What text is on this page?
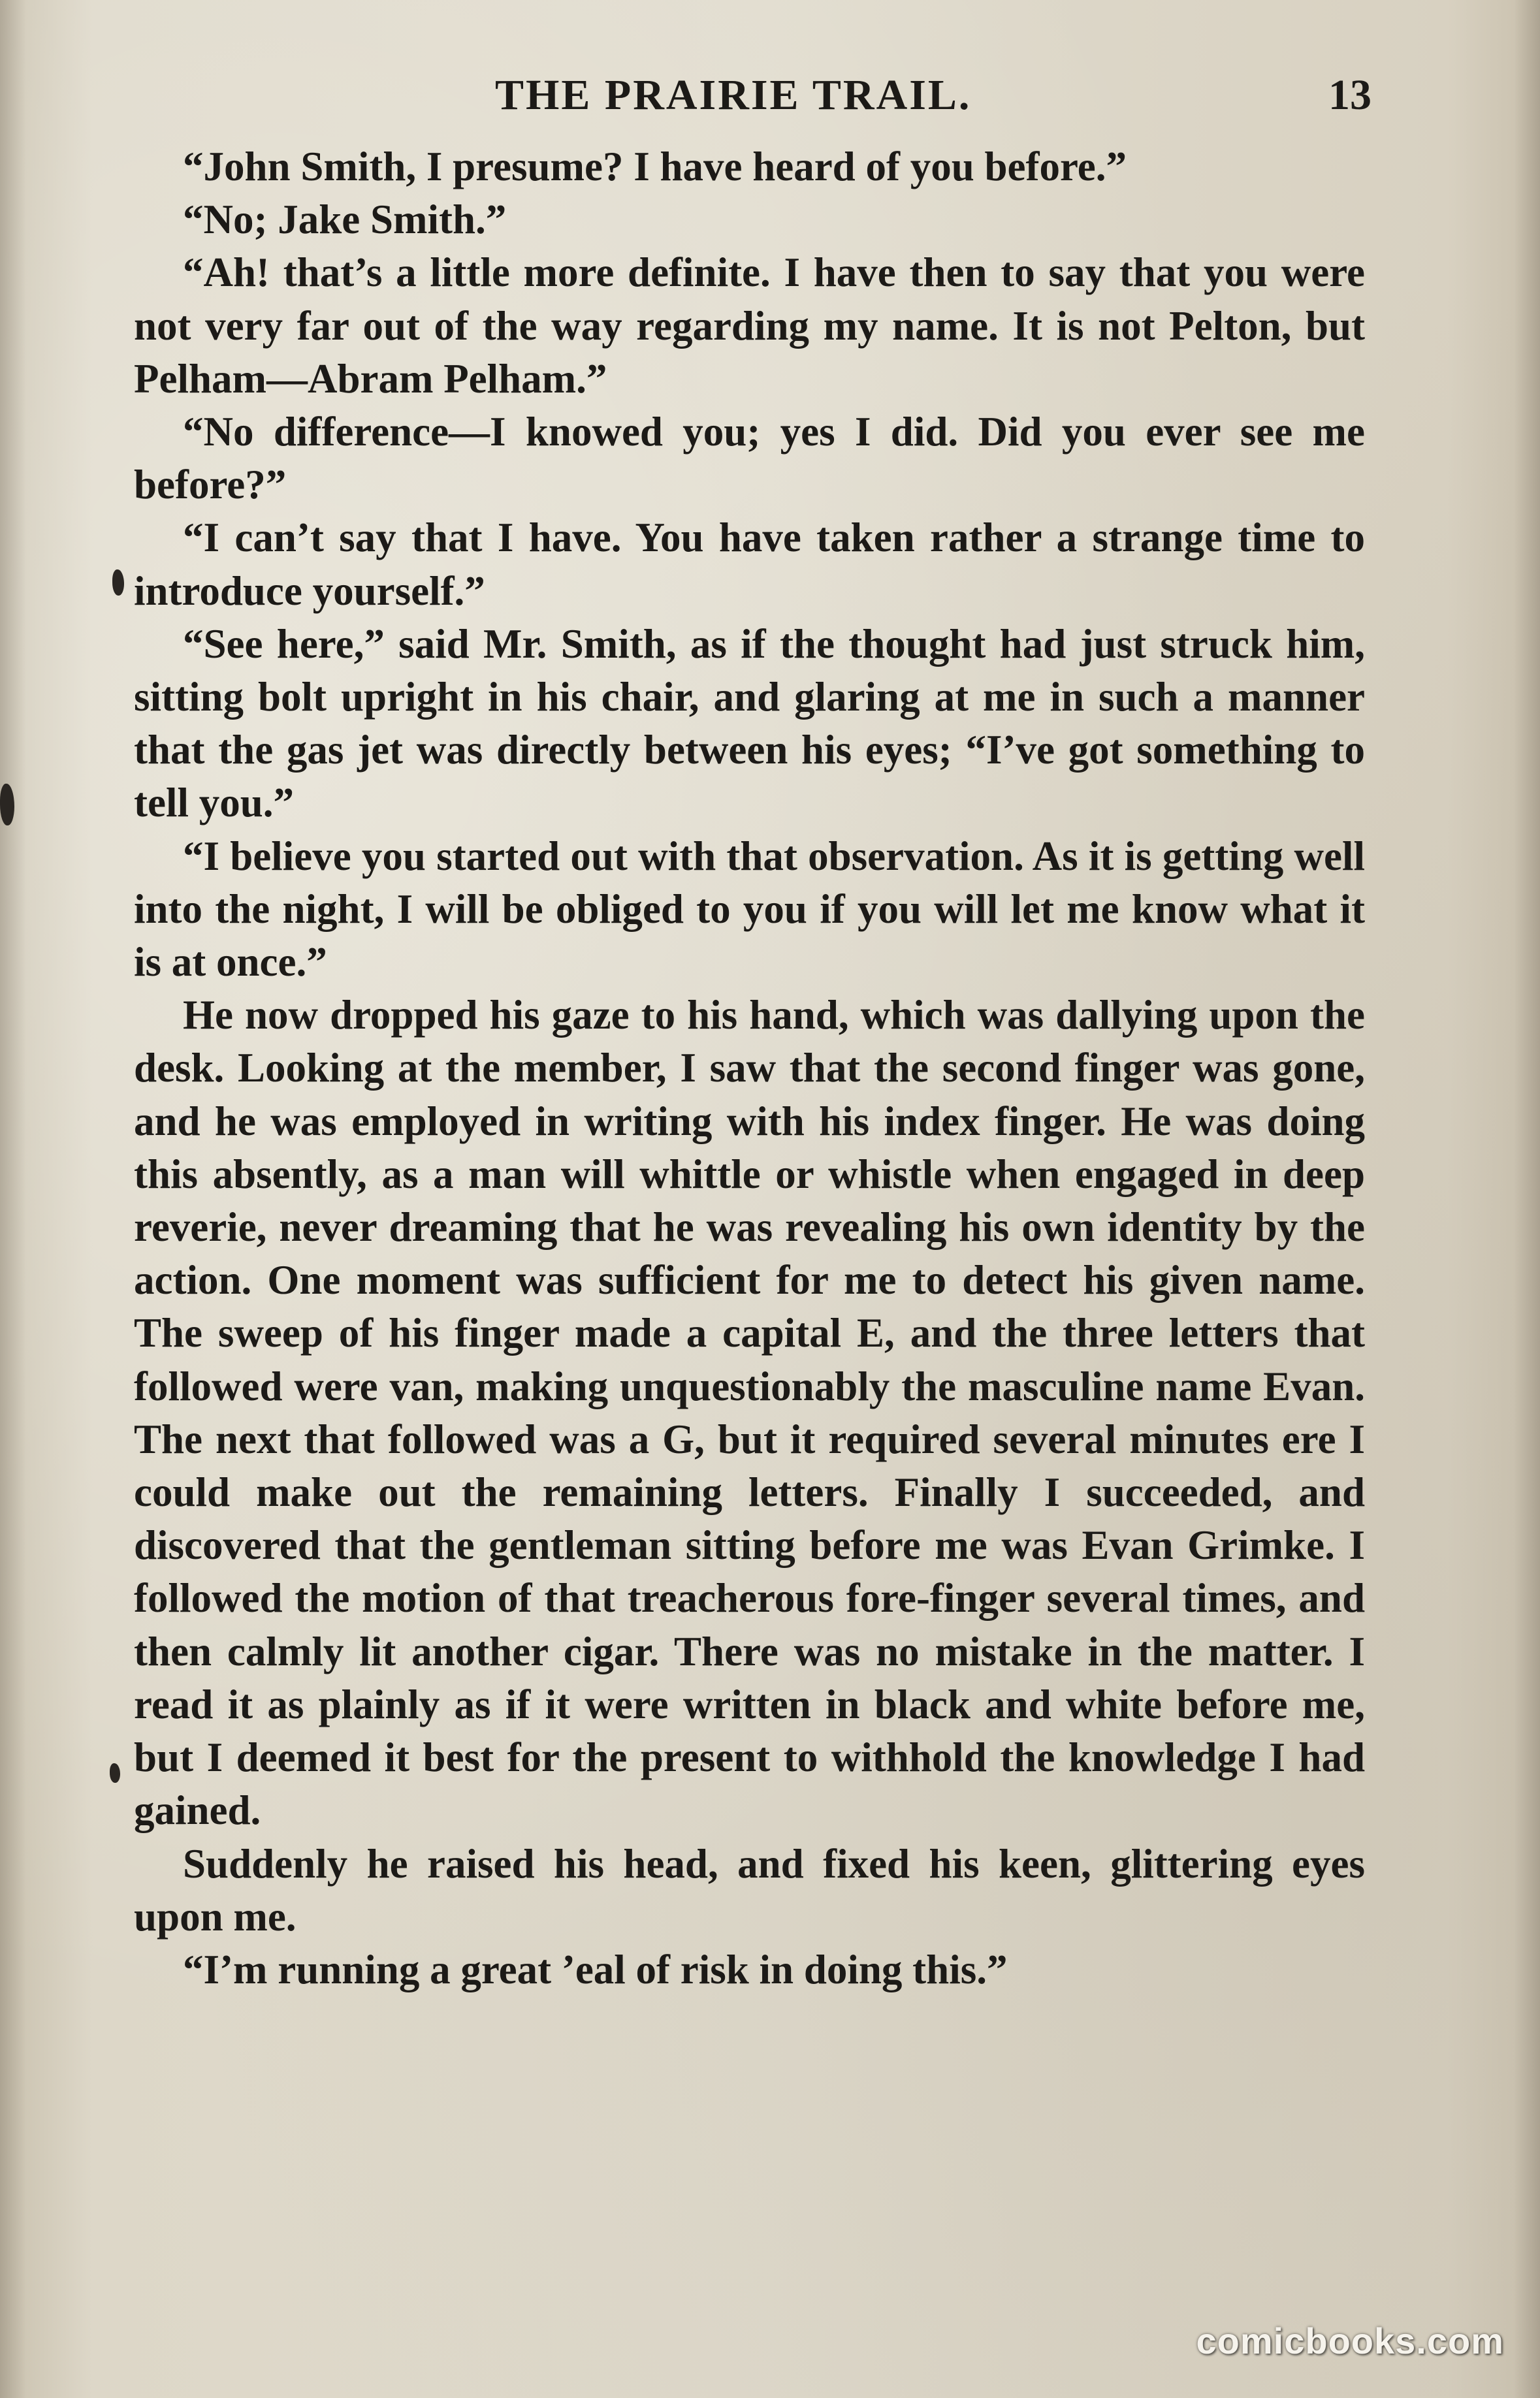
THE PRAIRIE TRAIL.	13

“John Smith, I presume? I have heard of you before.”

“No; Jake Smith.”

“Ah! that’s a little more definite. I have then to say that you were not very far out of the way regarding my name. It is not Pelton, but Pelham—Abram Pelham.”

“No difference—I knowed you; yes I did. Did you ever see me before?”

“I can’t say that I have. You have taken rather a strange time to introduce yourself.”

“See here,” said Mr. Smith, as if the thought had just struck him, sitting bolt upright in his chair, and glaring at me in such a manner that the gas jet was directly between his eyes; “I’ve got something to tell you.”

“I believe you started out with that observation. As it is getting well into the night, I will be obliged to you if you will let me know what it is at once.”

He now dropped his gaze to his hand, which was dallying upon the desk. Looking at the member, I saw that the second finger was gone, and he was employed in writing with his index finger. He was doing this absently, as a man will whittle or whistle when engaged in deep reverie, never dreaming that he was revealing his own identity by the action. One moment was sufficient for me to detect his given name. The sweep of his finger made a capital E, and the three letters that followed were van, making unquestionably the masculine name Evan. The next that followed was a G, but it required several minutes ere I could make out the remaining letters. Finally I succeeded, and discovered that the gentleman sitting before me was Evan Grimke. I followed the motion of that treacherous fore-finger several times, and then calmly lit another cigar. There was no mistake in the matter. I read it as plainly as if it were written in black and white before me, but I deemed it best for the present to withhold the knowledge I had gained.

Suddenly he raised his head, and fixed his keen, glittering eyes upon me.

“I’m running a great ’eal of risk in doing this.”

comicbooks.com
